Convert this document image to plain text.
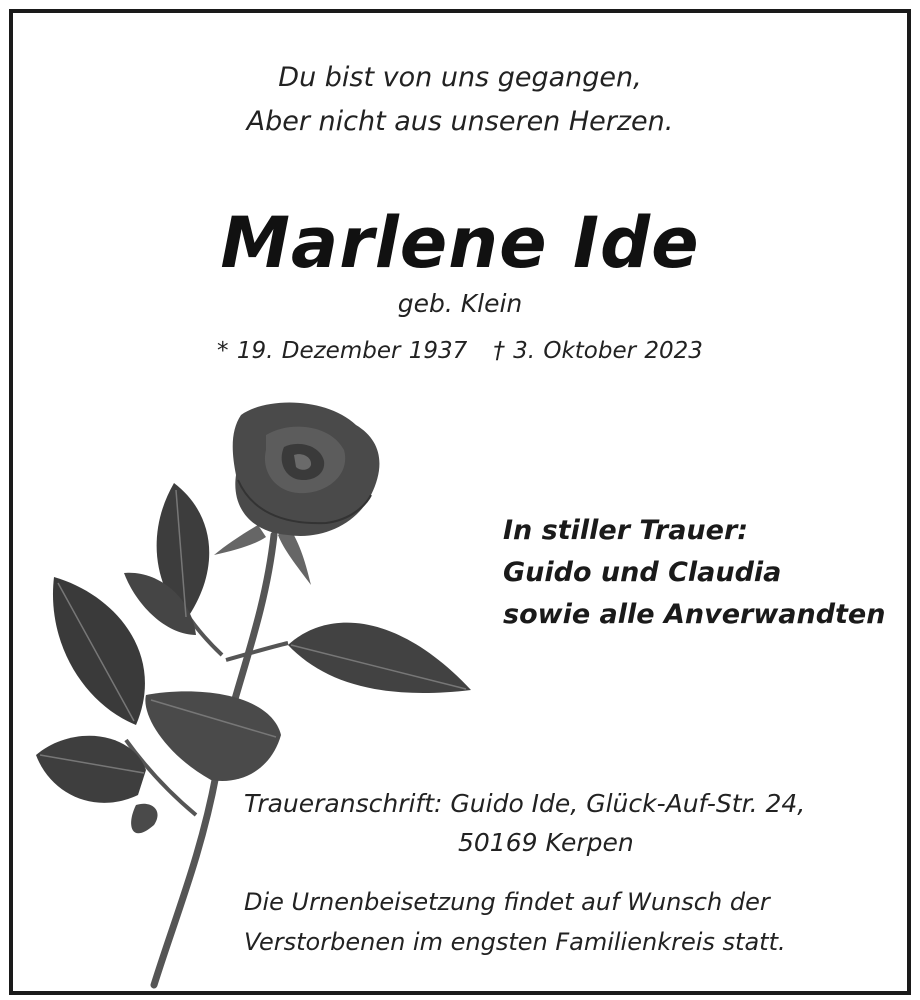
Du bist von uns gegangen,
Aber nicht aus unseren Herzen.
Marlene Ide
geb. Klein
* 19. Dezember 1937 † 3. Oktober 2023
In stiller Trauer:
Guido und Claudia
sowie alle Anverwandten
Traueranschrift: Guido Ide, Glück-Auf-Str. 24,
50169 Kerpen
Die Urnenbeisetzung findet auf Wunsch der
Verstorbenen im engsten Familienkreis statt.
